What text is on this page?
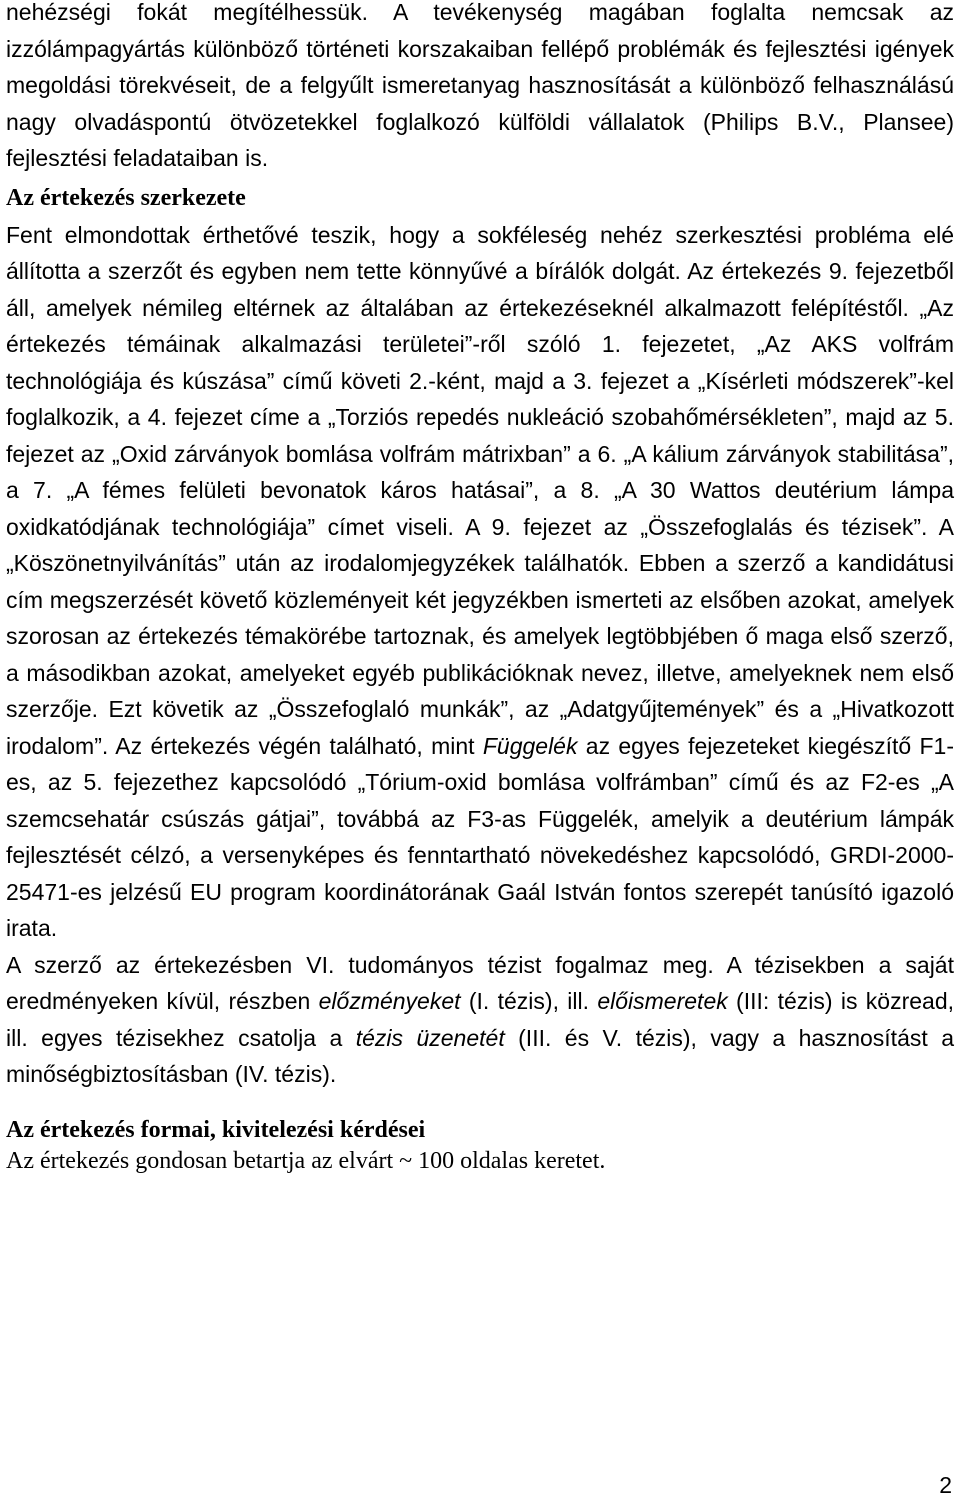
nehézségi fokát megítélhessük. A tevékenység magában foglalta nemcsak az izzólámpagyártás különböző történeti korszakaiban fellépő problémák és fejlesztési igények megoldási törekvéseit, de a felgyűlt ismeretanyag hasznosítását a különböző felhasználású nagy olvadáspontú ötvözetekkel foglalkozó külföldi vállalatok (Philips B.V., Plansee) fejlesztési feladataiban is.

Az értekezés szerkezete

Fent elmondottak érthetővé teszik, hogy a sokféleség nehéz szerkesztési probléma elé állította a szerzőt és egyben nem tette könnyűvé a bírálók dolgát. Az értekezés 9. fejezetből áll, amelyek némileg eltérnek az általában az értekezéseknél alkalmazott felépítéstől. „Az értekezés témáinak alkalmazási területei”-ről szóló 1. fejezetet, „Az AKS volfrám technológiája és kúszása” című követi 2.-ként, majd a 3. fejezet a „Kísérleti módszerek”-kel foglalkozik, a 4. fejezet címe a „Torziós repedés nukleáció szobahőmérsékleten”, majd az 5. fejezet az „Oxid zárványok bomlása volfrám mátrixban” a 6. „A kálium zárványok stabilitása”, a 7. „A fémes felületi bevonatok káros hatásai”, a 8. „A 30 Wattos deutérium lámpa oxidkatódjának technológiája” címet viseli. A 9. fejezet az „Összefoglalás és tézisek”. A „Köszönetnyilvánítás” után az irodalomjegyzékek találhatók. Ebben a szerző a kandidátusi cím megszerzését követő közleményeit két jegyzékben ismerteti az elsőben azokat, amelyek szorosan az értekezés témakörébe tartoznak, és amelyek legtöbbjében ő maga első szerző, a másodikban azokat, amelyeket egyéb publikációknak nevez, illetve, amelyeknek nem első szerzője. Ezt követik az „Összefoglaló munkák”, az „Adatgyűjtemények” és a „Hivatkozott irodalom”. Az értekezés végén található, mint Függelék az egyes fejezeteket kiegészítő F1-es, az 5. fejezethez kapcsolódó „Tórium-oxid bomlása volfrámban” című és az F2-es „A szemcsehatár csúszás gátjai”, továbbá az F3-as Függelék, amelyik a deutérium lámpák fejlesztését célzó, a versenyképes és fenntartható növekedéshez kapcsolódó, GRDI-2000-25471-es jelzésű EU program koordinátorának Gaál István fontos szerepét tanúsító igazoló irata.

A szerző az értekezésben VI. tudományos tézist fogalmaz meg. A tézisekben a saját eredményeken kívül, részben előzményeket (I. tézis), ill. előismeretek (III: tézis) is közread, ill. egyes tézisekhez csatolja a tézis üzenetét (III. és V. tézis), vagy a hasznosítást a minőségbiztosításban (IV. tézis).

Az értekezés formai, kivitelezési kérdései

Az értekezés gondosan betartja az elvárt ~ 100 oldalas keretet.

2
